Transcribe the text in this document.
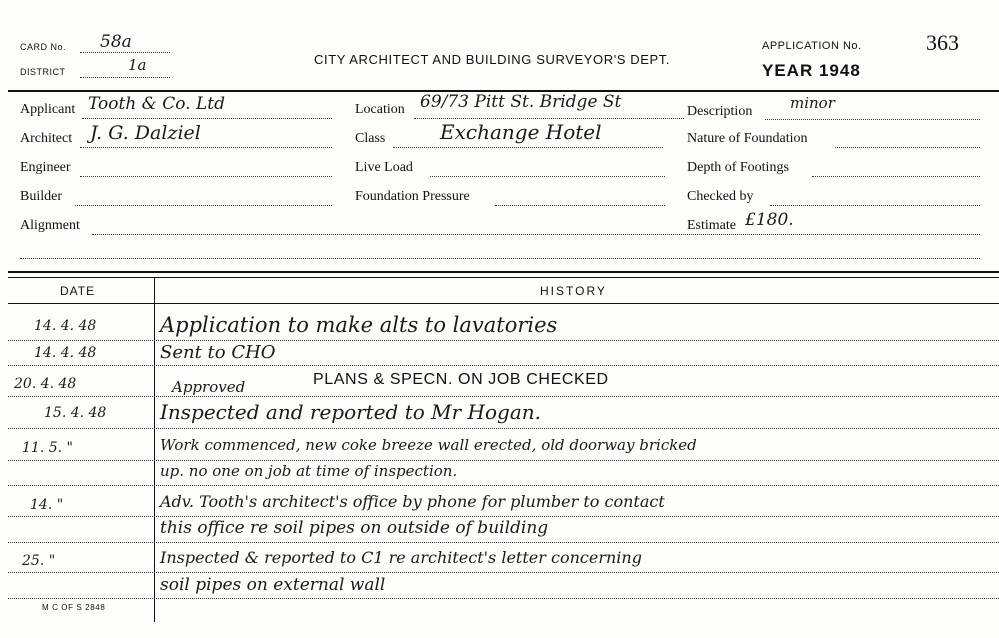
CARD No. 58a
DISTRICT	1a	CITY ARCHITECT AND BUILDING SURVEYOR'S DEPT.
APPLICATION No.	363
YEAR 1948
Applicant Tooth & Co. Ltd
Architect J. G. Dalziel
Engineer
Builder
Alignment
Location 69/73 Pitt St. Bridge St
Class	Exchange Hotel
Live Load
Foundation Pressure
Description	minor
Nature of Foundation
Depth of Footings
Checked by
Estimate £180.
DATE	HISTORY
14. 4. 48	Application to make alts to lavatories
14. 4. 48	Sent to CHO
20. 4. 48	Approved	PLANS & SPECN. ON JOB CHECKED
15. 4. 48	Inspected and reported to Mr Hogan.
11. 5. "	Work commenced, new coke breeze wall erected, old doorway bricked
up. no one on job at time of inspection.
14. "	Adv. Tooth's architect's office by phone for plumber to contact
this office re soil pipes on outside of building
25. "	Inspected & reported to C1 re architect's letter concerning
soil pipes on external wall
M C OF S 2848
